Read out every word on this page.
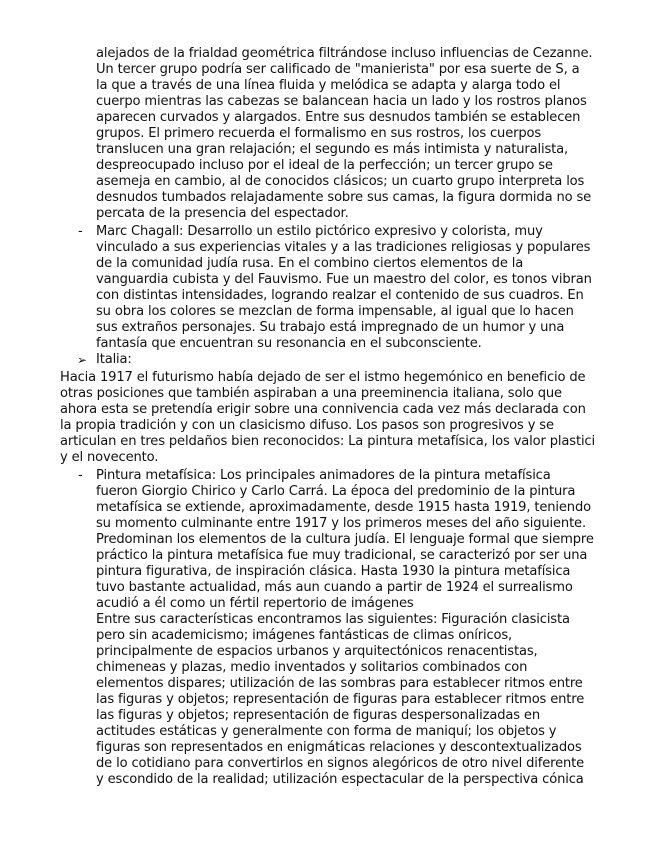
alejados de la frialdad geométrica filtrándose incluso influencias de Cezanne.
Un tercer grupo podría ser calificado de "manierista" por esa suerte de S, a
la que a través de una línea fluida y melódica se adapta y alarga todo el
cuerpo mientras las cabezas se balancean hacia un lado y los rostros planos
aparecen curvados y alargados. Entre sus desnudos también se establecen
grupos. El primero recuerda el formalismo en sus rostros, los cuerpos
translucen una gran relajación; el segundo es más intimista y naturalista,
despreocupado incluso por el ideal de la perfección; un tercer grupo se
asemeja en cambio, al de conocidos clásicos; un cuarto grupo interpreta los
desnudos tumbados relajadamente sobre sus camas, la figura dormida no se
percata de la presencia del espectador.
- Marc Chagall: Desarrollo un estilo pictórico expresivo y colorista, muy
vinculado a sus experiencias vitales y a las tradiciones religiosas y populares
de la comunidad judía rusa. En el combino ciertos elementos de la
vanguardia cubista y del Fauvismo. Fue un maestro del color, es tonos vibran
con distintas intensidades, logrando realzar el contenido de sus cuadros. En
su obra los colores se mezclan de forma impensable, al igual que lo hacen
sus extraños personajes. Su trabajo está impregnado de un humor y una
fantasía que encuentran su resonancia en el subconsciente.
➢ Italia:
Hacia 1917 el futurismo había dejado de ser el istmo hegemónico en beneficio de
otras posiciones que también aspiraban a una preeminencia italiana, solo que
ahora esta se pretendía erigir sobre una connivencia cada vez más declarada con
la propia tradición y con un clasicismo difuso. Los pasos son progresivos y se
articulan en tres peldaños bien reconocidos: La pintura metafísica, los valor plastici
y el novecento.
- Pintura metafísica: Los principales animadores de la pintura metafísica
fueron Giorgio Chirico y Carlo Carrá. La época del predominio de la pintura
metafísica se extiende, aproximadamente, desde 1915 hasta 1919, teniendo
su momento culminante entre 1917 y los primeros meses del año siguiente.
Predominan los elementos de la cultura judía. El lenguaje formal que siempre
práctico la pintura metafísica fue muy tradicional, se caracterizó por ser una
pintura figurativa, de inspiración clásica. Hasta 1930 la pintura metafísica
tuvo bastante actualidad, más aun cuando a partir de 1924 el surrealismo
acudió a él como un fértil repertorio de imágenes
Entre sus características encontramos las siguientes: Figuración clasicista
pero sin academicismo; imágenes fantásticas de climas oníricos,
principalmente de espacios urbanos y arquitectónicos renacentistas,
chimeneas y plazas, medio inventados y solitarios combinados con
elementos dispares; utilización de las sombras para establecer ritmos entre
las figuras y objetos; representación de figuras para establecer ritmos entre
las figuras y objetos; representación de figuras despersonalizadas en
actitudes estáticas y generalmente con forma de maniquí; los objetos y
figuras son representados en enigmáticas relaciones y descontextualizados
de lo cotidiano para convertirlos en signos alegóricos de otro nivel diferente
y escondido de la realidad; utilización espectacular de la perspectiva cónica
